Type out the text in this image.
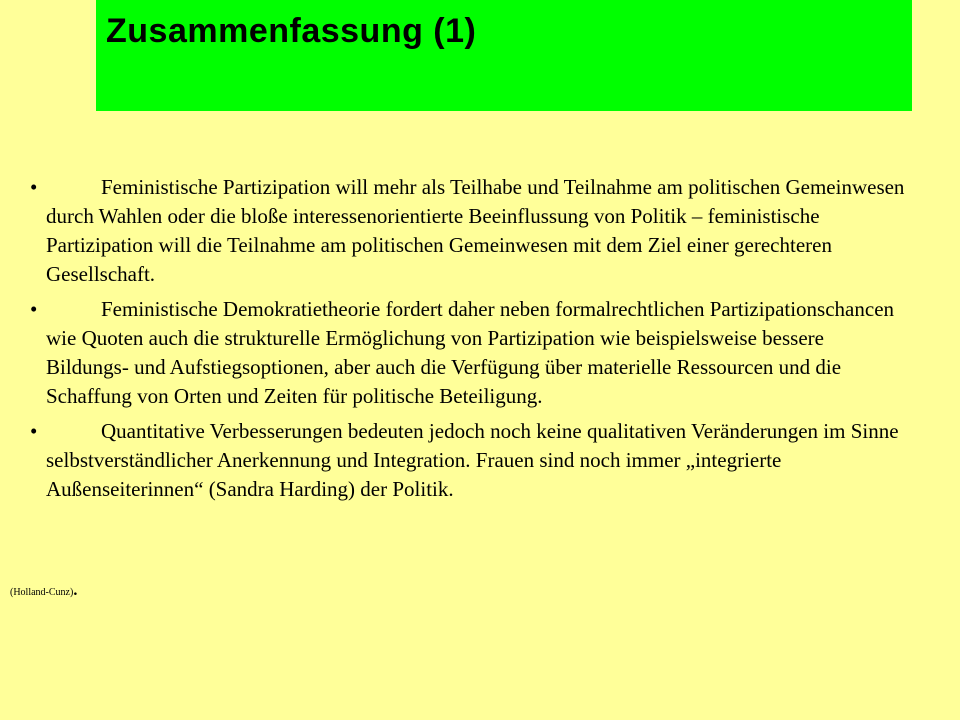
Zusammenfassung (1)
•	Feministische Partizipation will mehr als Teilhabe und Teilnahme am politischen Gemeinwesen durch Wahlen oder die bloße interessenorientierte Beeinflussung von Politik – feministische Partizipation will die Teilnahme am politischen Gemeinwesen mit dem Ziel einer gerechteren Gesellschaft.
•	Feministische Demokratietheorie fordert daher neben formalrechtlichen Partizipationschancen wie Quoten auch die strukturelle Ermöglichung von Partizipation wie beispielsweise bessere Bildungs- und Aufstiegsoptionen, aber auch die Verfügung über materielle Ressourcen und die Schaffung von Orten und Zeiten für politische Beteiligung.
•	Quantitative Verbesserungen bedeuten jedoch noch keine qualitativen Veränderungen im Sinne selbstverständlicher Anerkennung und Integration. Frauen sind noch immer „integrierte Außenseiterinnen“ (Sandra Harding) der Politik.
(Holland-Cunz).
